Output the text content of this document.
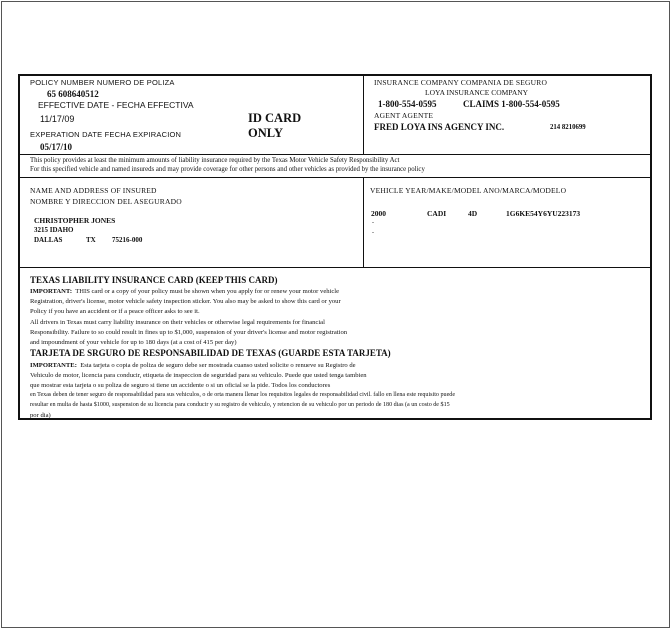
POLICY NUMBER NUMERO DE POLIZA
65 608640512
EFFECTIVE DATE - FECHA EFFECTIVA
11/17/09
EXPERATION DATE FECHA EXPIRACION
05/17/10
ID CARD
ONLY
INSURANCE COMPANY COMPANIA DE SEGURO
LOYA INSURANCE COMPANY
1-800-554-0595	CLAIMS 1-800-554-0595
AGENT AGENTE
FRED LOYA INS AGENCY INC.	214 8210699
This policy provides at least the minimum amounts of liability insurance required by the Texas Motor Vehicle Safety Responsibility Act
For this specified vehicle and named insureds and may provide coverage for other persons and other vehicles as provided by the insurance policy
NAME AND ADDRESS OF INSURED
NOMBRE Y DIRECCION DEL ASEGURADO
CHRISTOPHER JONES
3215 IDAHO
DALLAS	TX 75216-000
VEHICLE YEAR/MAKE/MODEL ANO/MARCA/MODELO
2000	CADI	4D	1G6KE54Y6YU223173
.
.
TEXAS LIABILITY INSURANCE CARD (KEEP THIS CARD)
IMPORTANT: THIS card or a copy of your policy must be shown when you apply for or renew your motor vehicle
Registration, driver's license, motor vehicle safety inspection sticker. You also may be asked to show this card or your
Policy if you have an accident or if a peace officer asks to see it.
All drivers in Texas must carry liability insurance on their vehicles or otherwise legal requirements for financial
Responsibility. Failure to so could result in fines up to $1,000, suspension of your driver's license and motor registration
and impoundment of your vehicle for up to 180 days (at a cost of 415 per day)
TARJETA DE SRGURO DE RESPONSABILIDAD DE TEXAS (GUARDE ESTA TARJETA)
IMPORTANTE: Esta tarjeta o copia de poliza de seguro debe ser mostrada cuanso usted solicite o renueve su Registro de
Vehiculo de motor, licencia para conducir, etiqueta de inspeccion de seguridad para su vehiculo. Puede que usted tenga tambien
que mostrar esta tarjeta o su poliza de seguro si tiene un accidente o si un oficial se la pide. Todos los conductores
en Texas deben de tener seguro de responsabilidad para sus vehiculos, o de orta manera llenar los requisitos legales de responsabilidad civil. fallo en llena este requisito puede
resultar en multa de hasta $1000, suspension de su licencia para conducir y su registro de vehiculo, y retencion de su vehiculo por un periodo de 180 dias (a un costo de $15
por dia)
